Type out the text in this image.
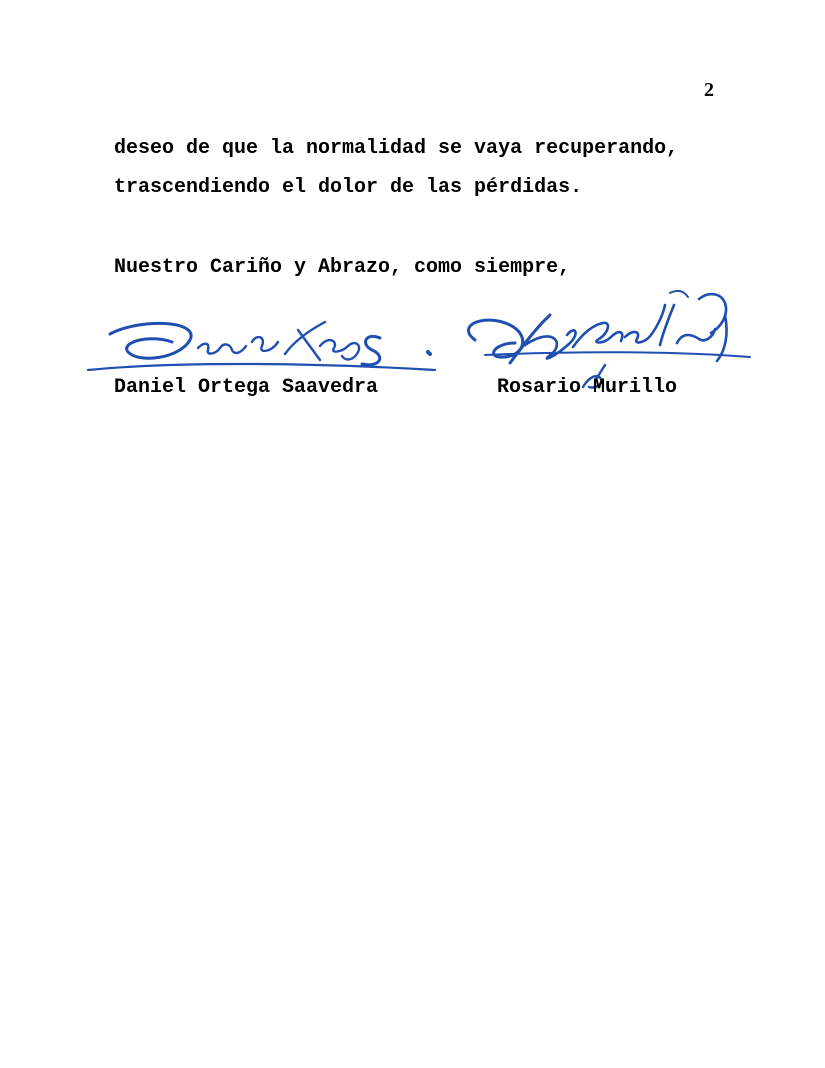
2
deseo de que la normalidad se vaya recuperando,
trascendiendo el dolor de las pérdidas.
Nuestro Cariño y Abrazo, como siempre,
Daniel Ortega Saavedra	Rosario Murillo
